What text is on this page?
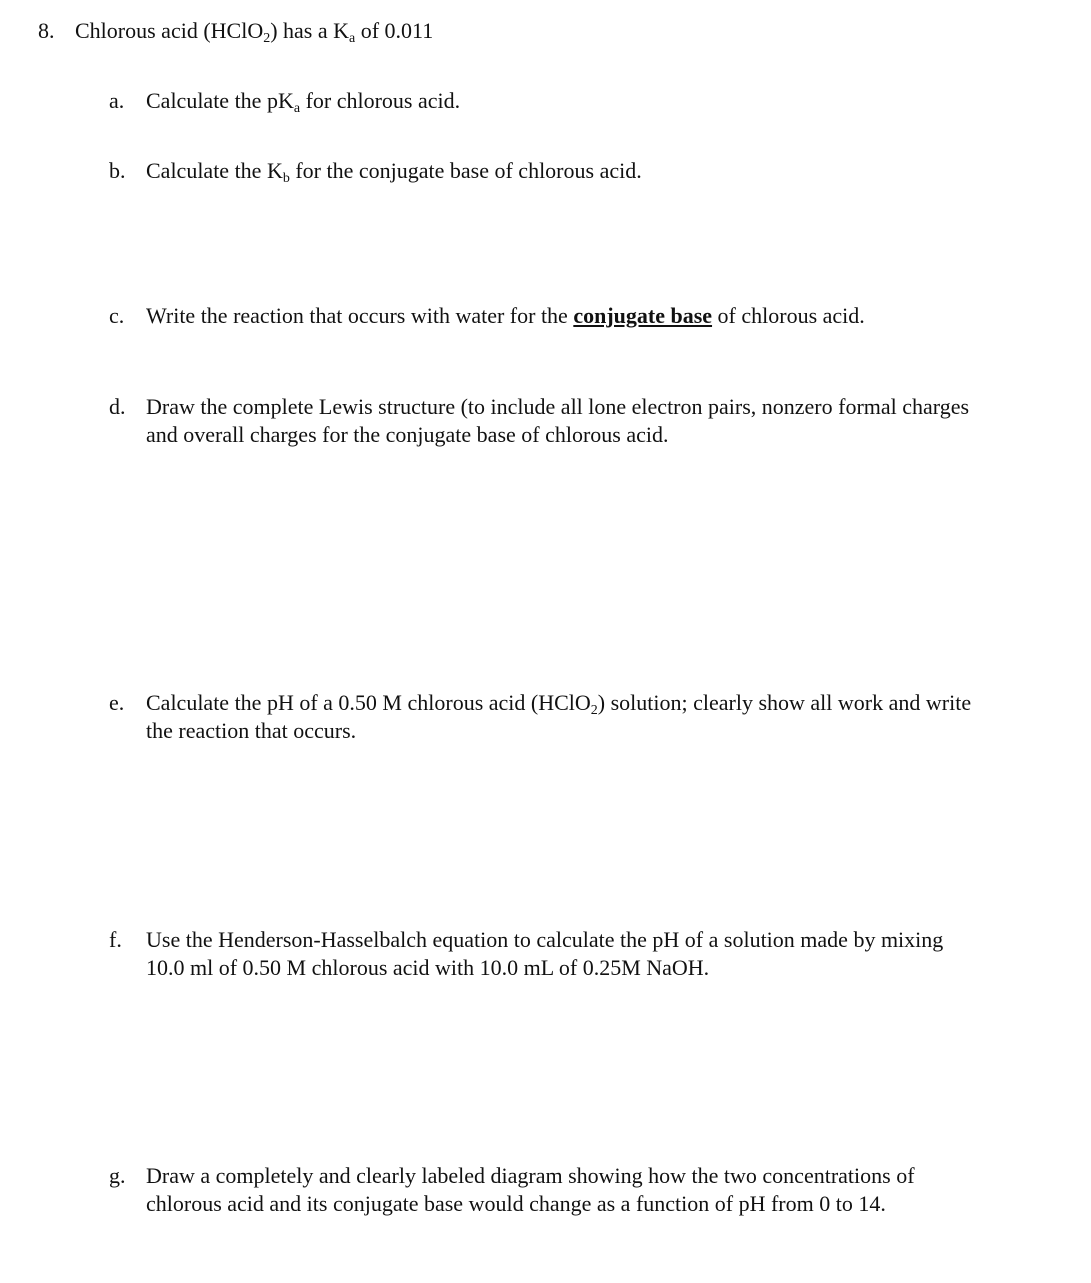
8. Chlorous acid (HClO2) has a Ka of 0.011
a. Calculate the pKa for chlorous acid.
b. Calculate the Kb for the conjugate base of chlorous acid.
c. Write the reaction that occurs with water for the conjugate base of chlorous acid.
d. Draw the complete Lewis structure (to include all lone electron pairs, nonzero formal charges
and overall charges for the conjugate base of chlorous acid.
e. Calculate the pH of a 0.50 M chlorous acid (HClO2) solution; clearly show all work and write
the reaction that occurs.
f. Use the Henderson-Hasselbalch equation to calculate the pH of a solution made by mixing
10.0 ml of 0.50 M chlorous acid with 10.0 mL of 0.25M NaOH.
g. Draw a completely and clearly labeled diagram showing how the two concentrations of
chlorous acid and its conjugate base would change as a function of pH from 0 to 14.
